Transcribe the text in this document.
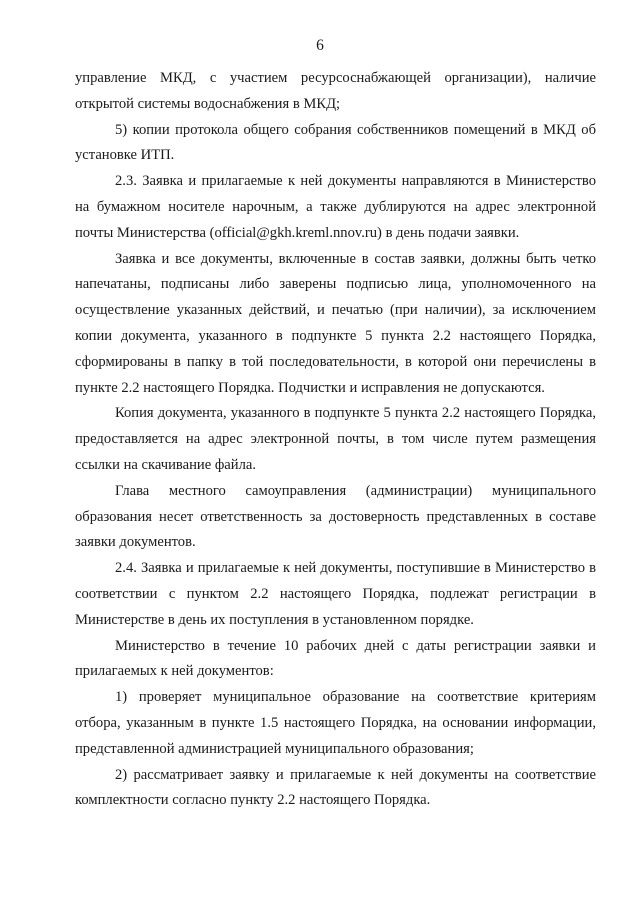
6

управление МКД, с участием ресурсоснабжающей организации), наличие открытой системы водоснабжения в МКД;

5) копии протокола общего собрания собственников помещений в МКД об установке ИТП.

2.3. Заявка и прилагаемые к ней документы направляются в Министерство на бумажном носителе нарочным, а также дублируются на адрес электронной почты Министерства (official@gkh.kreml.nnov.ru) в день подачи заявки.

Заявка и все документы, включенные в состав заявки, должны быть четко напечатаны, подписаны либо заверены подписью лица, уполномоченного на осуществление указанных действий, и печатью (при наличии), за исключением копии документа, указанного в подпункте 5 пункта 2.2 настоящего Порядка, сформированы в папку в той последовательности, в которой они перечислены в пункте 2.2 настоящего Порядка. Подчистки и исправления не допускаются.

Копия документа, указанного в подпункте 5 пункта 2.2 настоящего Порядка, предоставляется на адрес электронной почты, в том числе путем размещения ссылки на скачивание файла.

Глава местного самоуправления (администрации) муниципального образования несет ответственность за достоверность представленных в составе заявки документов.

2.4. Заявка и прилагаемые к ней документы, поступившие в Министерство в соответствии с пунктом 2.2 настоящего Порядка, подлежат регистрации в Министерстве в день их поступления в установленном порядке.

Министерство в течение 10 рабочих дней с даты регистрации заявки и прилагаемых к ней документов:

1) проверяет муниципальное образование на соответствие критериям отбора, указанным в пункте 1.5 настоящего Порядка, на основании информации, представленной администрацией муниципального образования;

2) рассматривает заявку и прилагаемые к ней документы на соответствие комплектности согласно пункту 2.2 настоящего Порядка.
